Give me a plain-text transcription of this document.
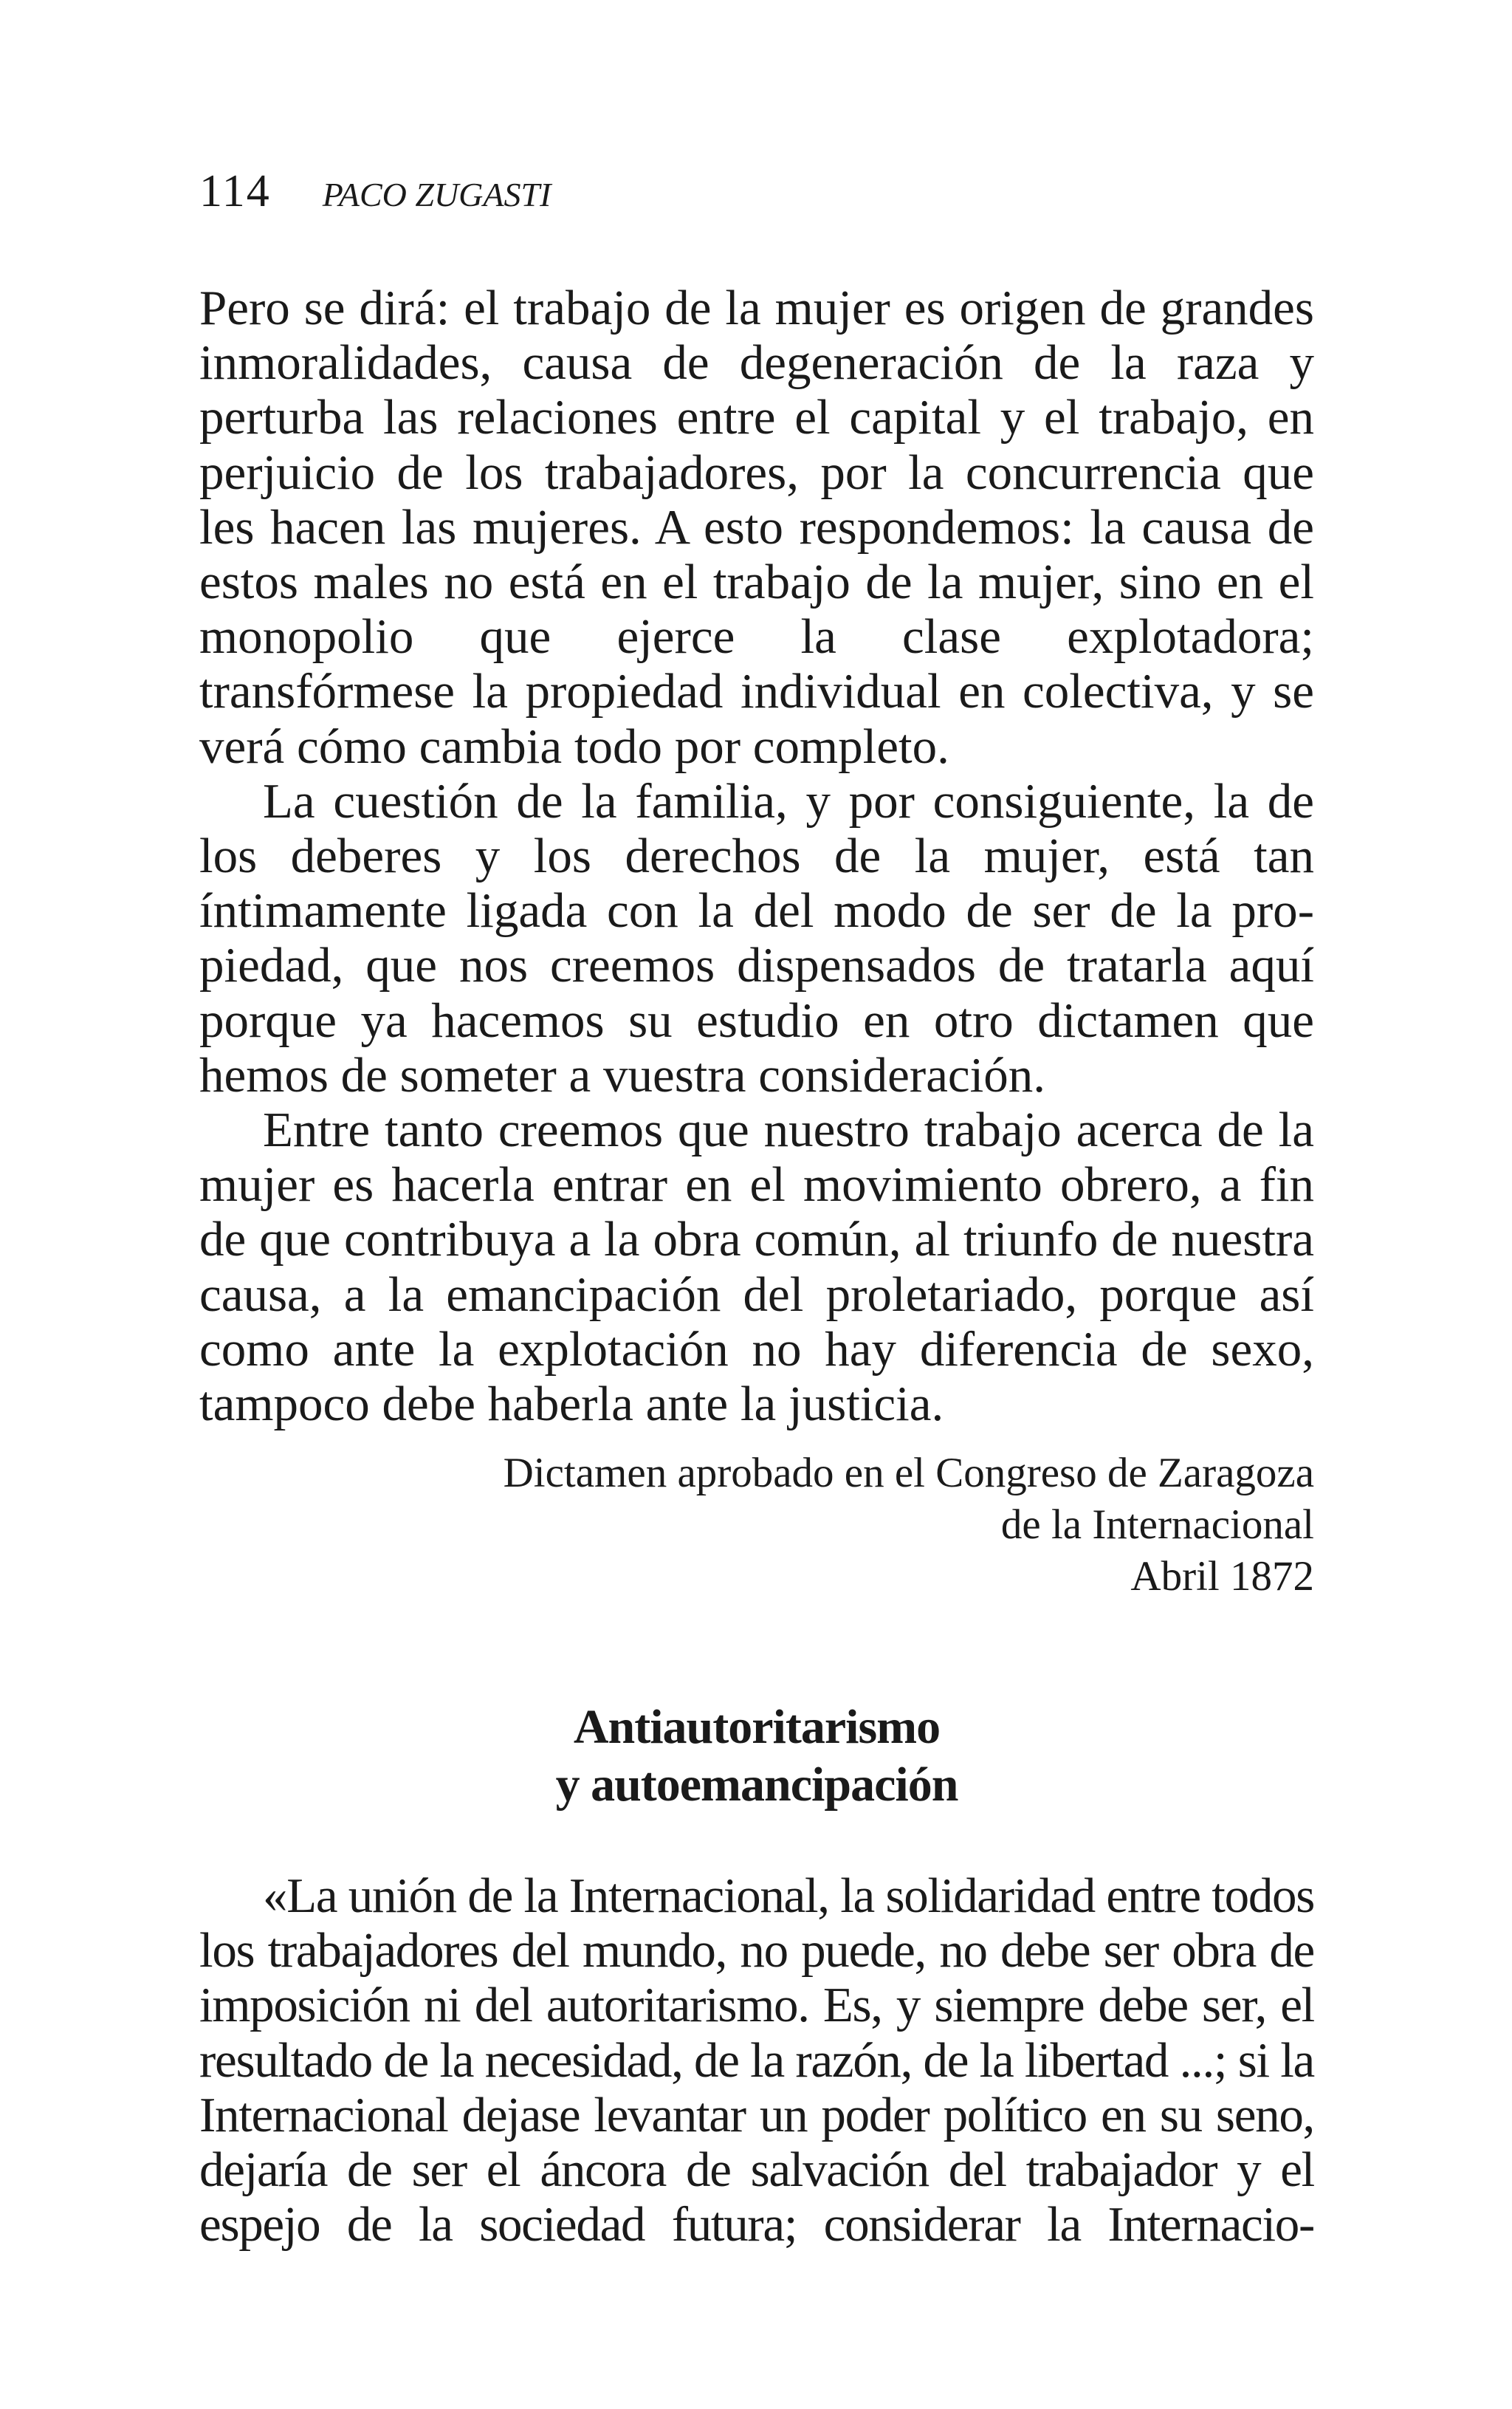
114 PACO ZUGASTI

Pero se dirá: el trabajo de la mujer es origen de grandes inmoralidades, causa de degeneración de la raza y perturba las relaciones entre el capital y el trabajo, en perjuicio de los trabajadores, por la concurrencia que les hacen las mujeres. A esto respondemos: la causa de estos males no está en el trabajo de la mujer, sino en el monopolio que ejerce la clase explotadora; transfórmese la propiedad individual en colectiva, y se verá cómo cambia todo por completo.

La cuestión de la familia, y por consiguiente, la de los deberes y los derechos de la mujer, está tan íntimamente ligada con la del modo de ser de la propiedad, que nos creemos dispensados de tratarla aquí porque ya hacemos su estudio en otro dictamen que hemos de someter a vuestra consideración.

Entre tanto creemos que nuestro trabajo acerca de la mujer es hacerla entrar en el movimiento obrero, a fin de que contribuya a la obra común, al triunfo de nuestra causa, a la emancipación del proletariado, porque así como ante la explotación no hay diferencia de sexo, tampoco debe haberla ante la justicia.

Dictamen aprobado en el Congreso de Zaragoza
de la Internacional
Abril 1872
Antiautoritarismo
y autoemancipación

«La unión de la Internacional, la solidaridad entre todos los trabajadores del mundo, no puede, no debe ser obra de imposición ni del autoritarismo. Es, y siempre debe ser, el resultado de la necesidad, de la razón, de la libertad ...; si la Internacional dejase levantar un poder político en su seno, dejaría de ser el áncora de salvación del trabajador y el espejo de la sociedad futura; considerar la Internacio-
